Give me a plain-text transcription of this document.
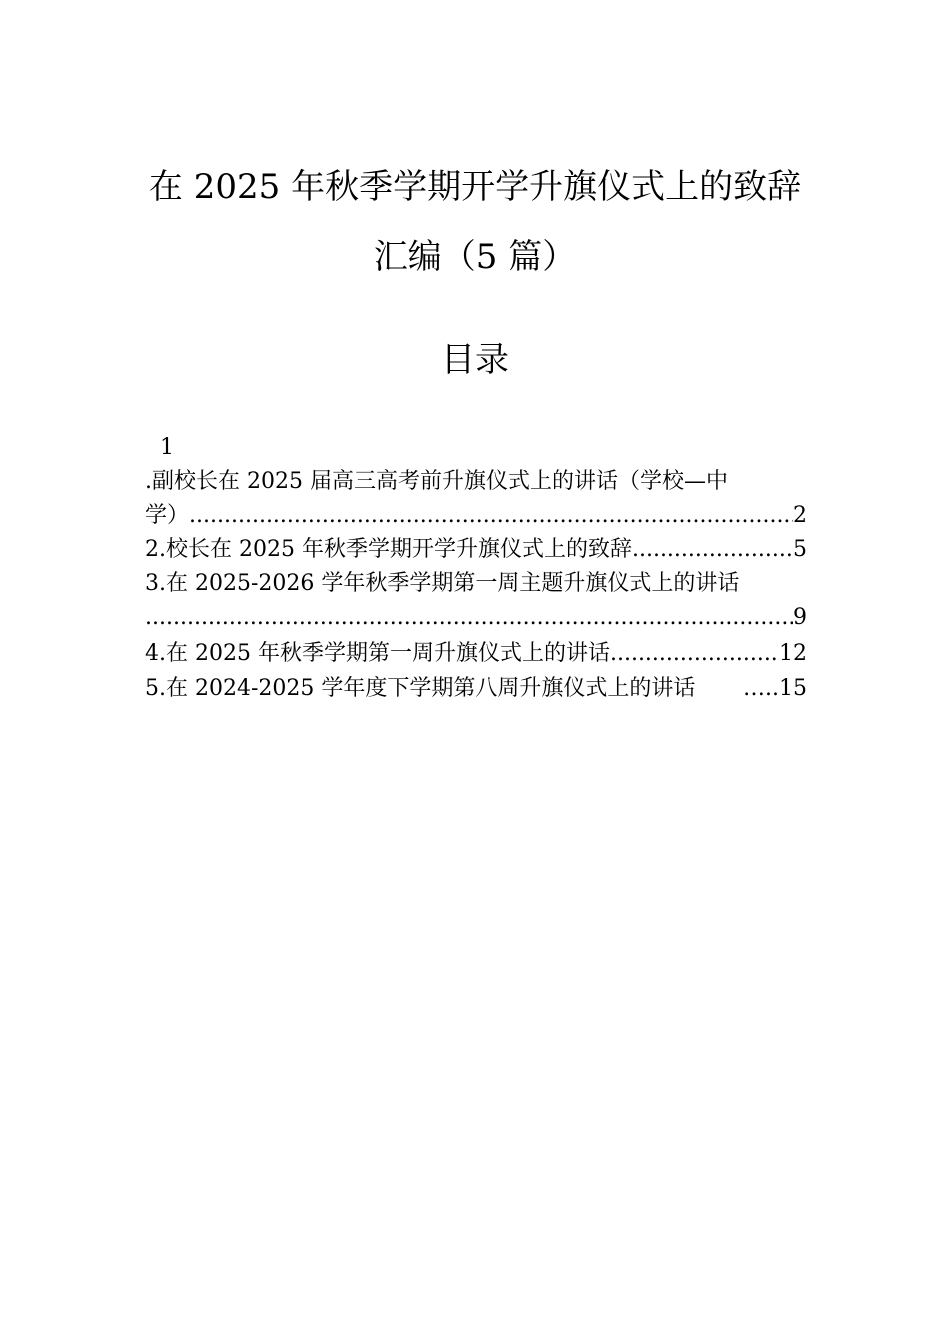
在 2025 年秋季学期开学升旗仪式上的致辞
汇编（5 篇）
目录
1
.副校长在 2025 届高三高考前升旗仪式上的讲话（学校—中
学） .....	2
2.校长在 2025 年秋季学期开学升旗仪式上的致辞 .....	5
3.在 2025-2026 学年秋季学期第一周主题升旗仪式上的讲话
.....
9
4.在 2025 年秋季学期第一周升旗仪式上的讲话 .....	12
5.在 2024-2025 学年度下学期第八周升旗仪式上的讲话 ….. 15
